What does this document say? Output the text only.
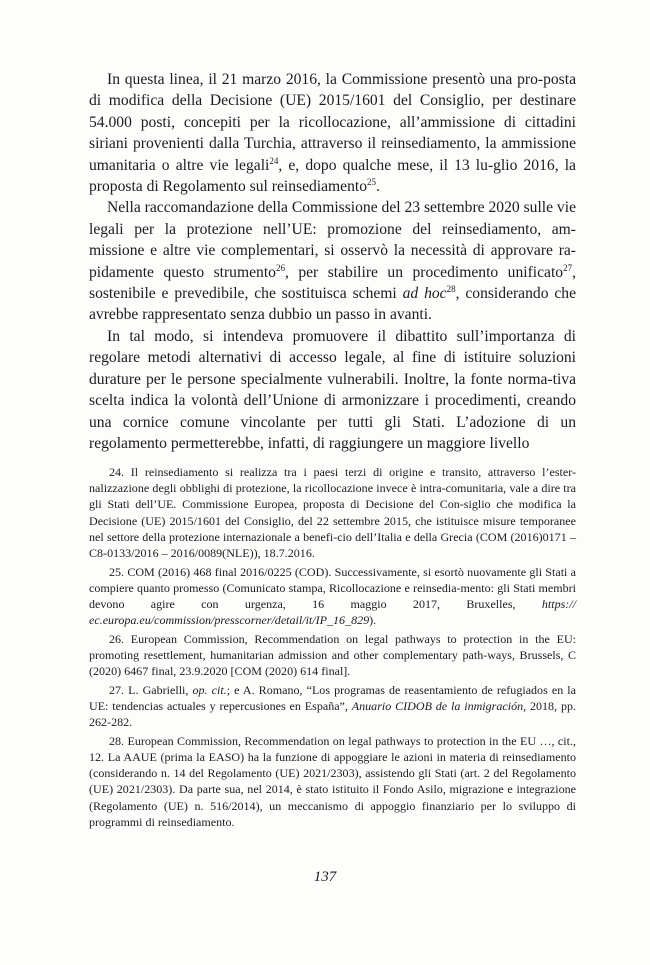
In questa linea, il 21 marzo 2016, la Commissione presentò una pro-posta di modifica della Decisione (UE) 2015/1601 del Consiglio, per destinare 54.000 posti, concepiti per la ricollocazione, all’ammissione di cittadini siriani provenienti dalla Turchia, attraverso il reinsediamento, la ammissione umanitaria o altre vie legali$^{24}$, e, dopo qualche mese, il 13 lu-glio 2016, la proposta di Regolamento sul reinsediamento$^{25}$.

Nella raccomandazione della Commissione del 23 settembre 2020 sulle vie legali per la protezione nell’UE: promozione del reinsediamento, am-missione e altre vie complementari, si osservò la necessità di approvare ra-pidamente questo strumento$^{26}$, per stabilire un procedimento unificato$^{27}$, sostenibile e prevedibile, che sostituisca schemi ad hoc$^{28}$, considerando che avrebbe rappresentato senza dubbio un passo in avanti.

In tal modo, si intendeva promuovere il dibattito sull’importanza di regolare metodi alternativi di accesso legale, al fine di istituire soluzioni durature per le persone specialmente vulnerabili. Inoltre, la fonte norma-tiva scelta indica la volontà dell’Unione di armonizzare i procedimenti, creando una cornice comune vincolante per tutti gli Stati. L’adozione di un regolamento permetterebbe, infatti, di raggiungere un maggiore livello

24. Il reinsediamento si realizza tra i paesi terzi di origine e transito, attraverso l’ester-nalizzazione degli obblighi di protezione, la ricollocazione invece è intra-comunitaria, vale a dire tra gli Stati dell’UE. Commissione Europea, proposta di Decisione del Con-siglio che modifica la Decisione (UE) 2015/1601 del Consiglio, del 22 settembre 2015, che istituisce misure temporanee nel settore della protezione internazionale a benefi-cio dell’Italia e della Grecia (COM (2016)0171 – C8-0133/2016 – 2016/0089(NLE)), 18.7.2016.

25. COM (2016) 468 final 2016/0225 (COD). Successivamente, si esortò nuovamente gli Stati a compiere quanto promesso (Comunicato stampa, Ricollocazione e reinsedia-mento: gli Stati membri devono agire con urgenza, 16 maggio 2017, Bruxelles, https:// ec.europa.eu/commission/presscorner/detail/it/IP_16_829).

26. European Commission, Recommendation on legal pathways to protection in the EU: promoting resettlement, humanitarian admission and other complementary path-ways, Brussels, C (2020) 6467 final, 23.9.2020 [COM (2020) 614 final].

27. L. Gabrielli, op. cit.; e A. Romano, “Los programas de reasentamiento de refugiados en la UE: tendencias actuales y repercusiones en España”, Anuario CIDOB de la inmigración, 2018, pp. 262-282.

28. European Commission, Recommendation on legal pathways to protection in the EU …, cit., 12. La AAUE (prima la EASO) ha la funzione di appoggiare le azioni in materia di reinsediamento (considerando n. 14 del Regolamento (UE) 2021/2303), assistendo gli Stati (art. 2 del Regolamento (UE) 2021/2303). Da parte sua, nel 2014, è stato istituito il Fondo Asilo, migrazione e integrazione (Regolamento (UE) n. 516/2014), un meccanismo di appoggio finanziario per lo sviluppo di programmi di reinsediamento.

137
